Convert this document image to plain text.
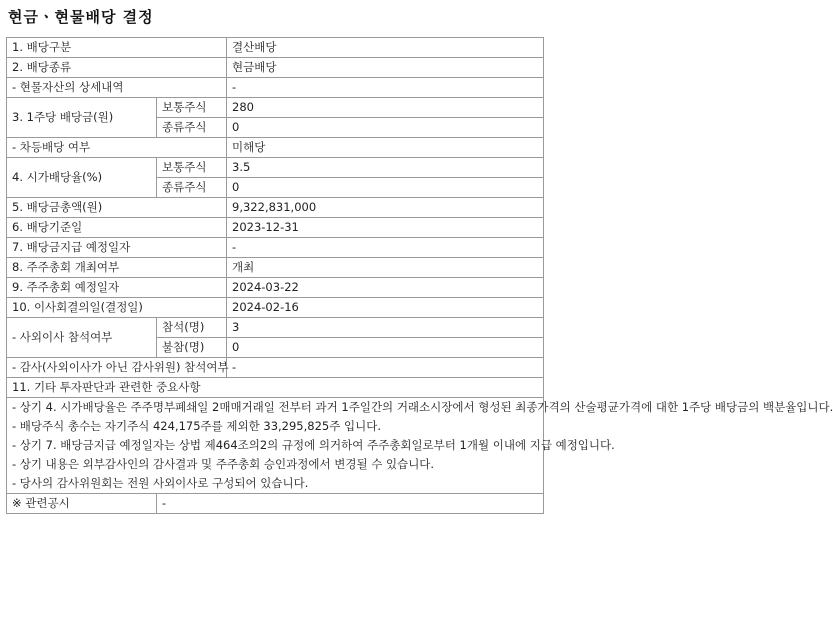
현금ㆍ현물배당 결정
1. 배당구분		결산배당
2. 배당종류		현금배당
- 현물자산의 상세내역		-
3. 1주당 배당금(원)	보통주식	280
	종류주식	0
- 차등배당 여부		미해당
4. 시가배당율(%)	보통주식	3.5
	종류주식	0
5. 배당금총액(원)		9,322,831,000
6. 배당기준일		2023-12-31
7. 배당금지급 예정일자		-
8. 주주총회 개최여부		개최
9. 주주총회 예정일자		2024-03-22
10. 이사회결의일(결정일)		2024-02-16
- 사외이사 참석여부	참석(명)	3
	불참(명)	0
- 감사(사외이사가 아닌 감사위원) 참석여부		-
11. 기타 투자판단과 관련한 중요사항		

- 상기 4. 시가배당율은 주주명부폐쇄일 2매매거래일 전부터 과거 1주일간의 거래소시장에서 형성된 최종가격의 산술평균가격에 대한 1주당 배당금의 백분율입니다.
- 배당주식 총수는 자기주식 424,175주를 제외한 33,295,825주 입니다.
- 상기 7. 배당금지급 예정일자는 상법 제464조의2의 규정에 의거하여 주주총회일로부터 1개월 이내에 지급 예정입니다.
- 상기 내용은 외부감사인의 감사결과 및 주주총회 승인과정에서 변경될 수 있습니다.
- 당사의 감사위원회는 전원 사외이사로 구성되어 있습니다.		

※ 관련공시	-	
